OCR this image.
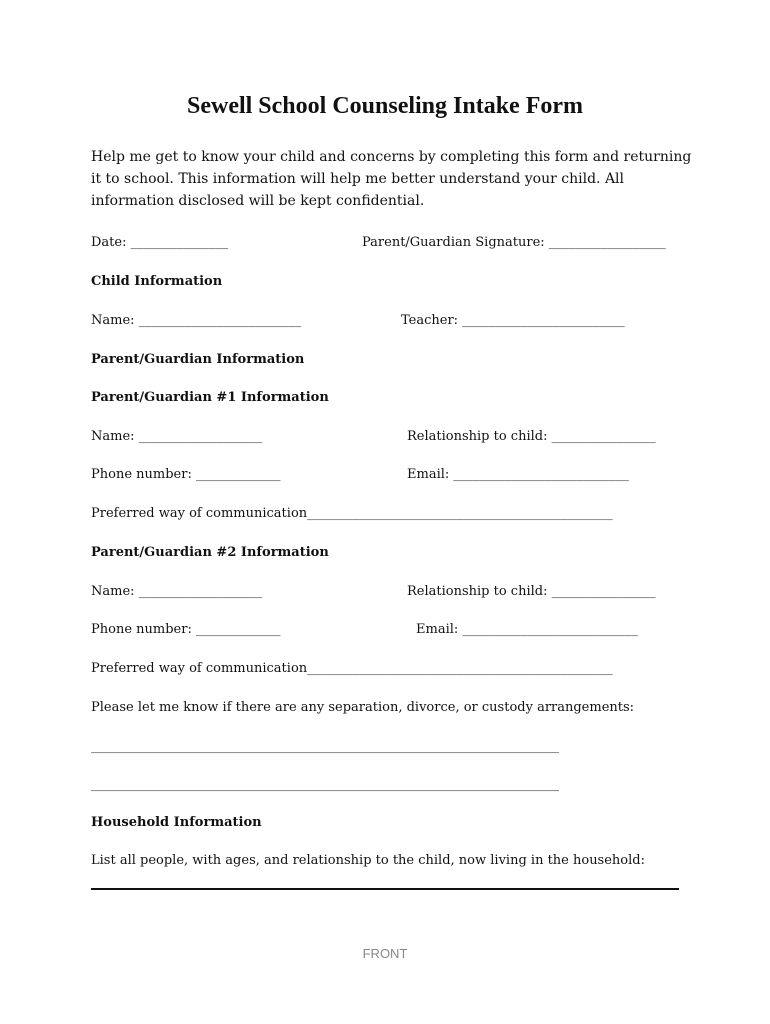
Sewell School Counseling Intake Form
Help me get to know your child and concerns by completing this form and returning
it to school. This information will help me better understand your child. All
information disclosed will be kept confidential.
Date: _______________	Parent/Guardian Signature: __________________
Child Information
Name: _________________________	Teacher: _________________________
Parent/Guardian Information
Parent/Guardian #1 Information
Name: ___________________	Relationship to child: ________________
Phone number: _____________	Email: ___________________________
Preferred way of communication_______________________________________________
Parent/Guardian #2 Information
Name: ___________________	Relationship to child: ________________
Phone number: _____________	Email: ___________________________
Preferred way of communication_______________________________________________
Please let me know if there are any separation, divorce, or custody arrangements:
________________________________________________________________________
________________________________________________________________________
Household Information
List all people, with ages, and relationship to the child, now living in the household:
FRONT
